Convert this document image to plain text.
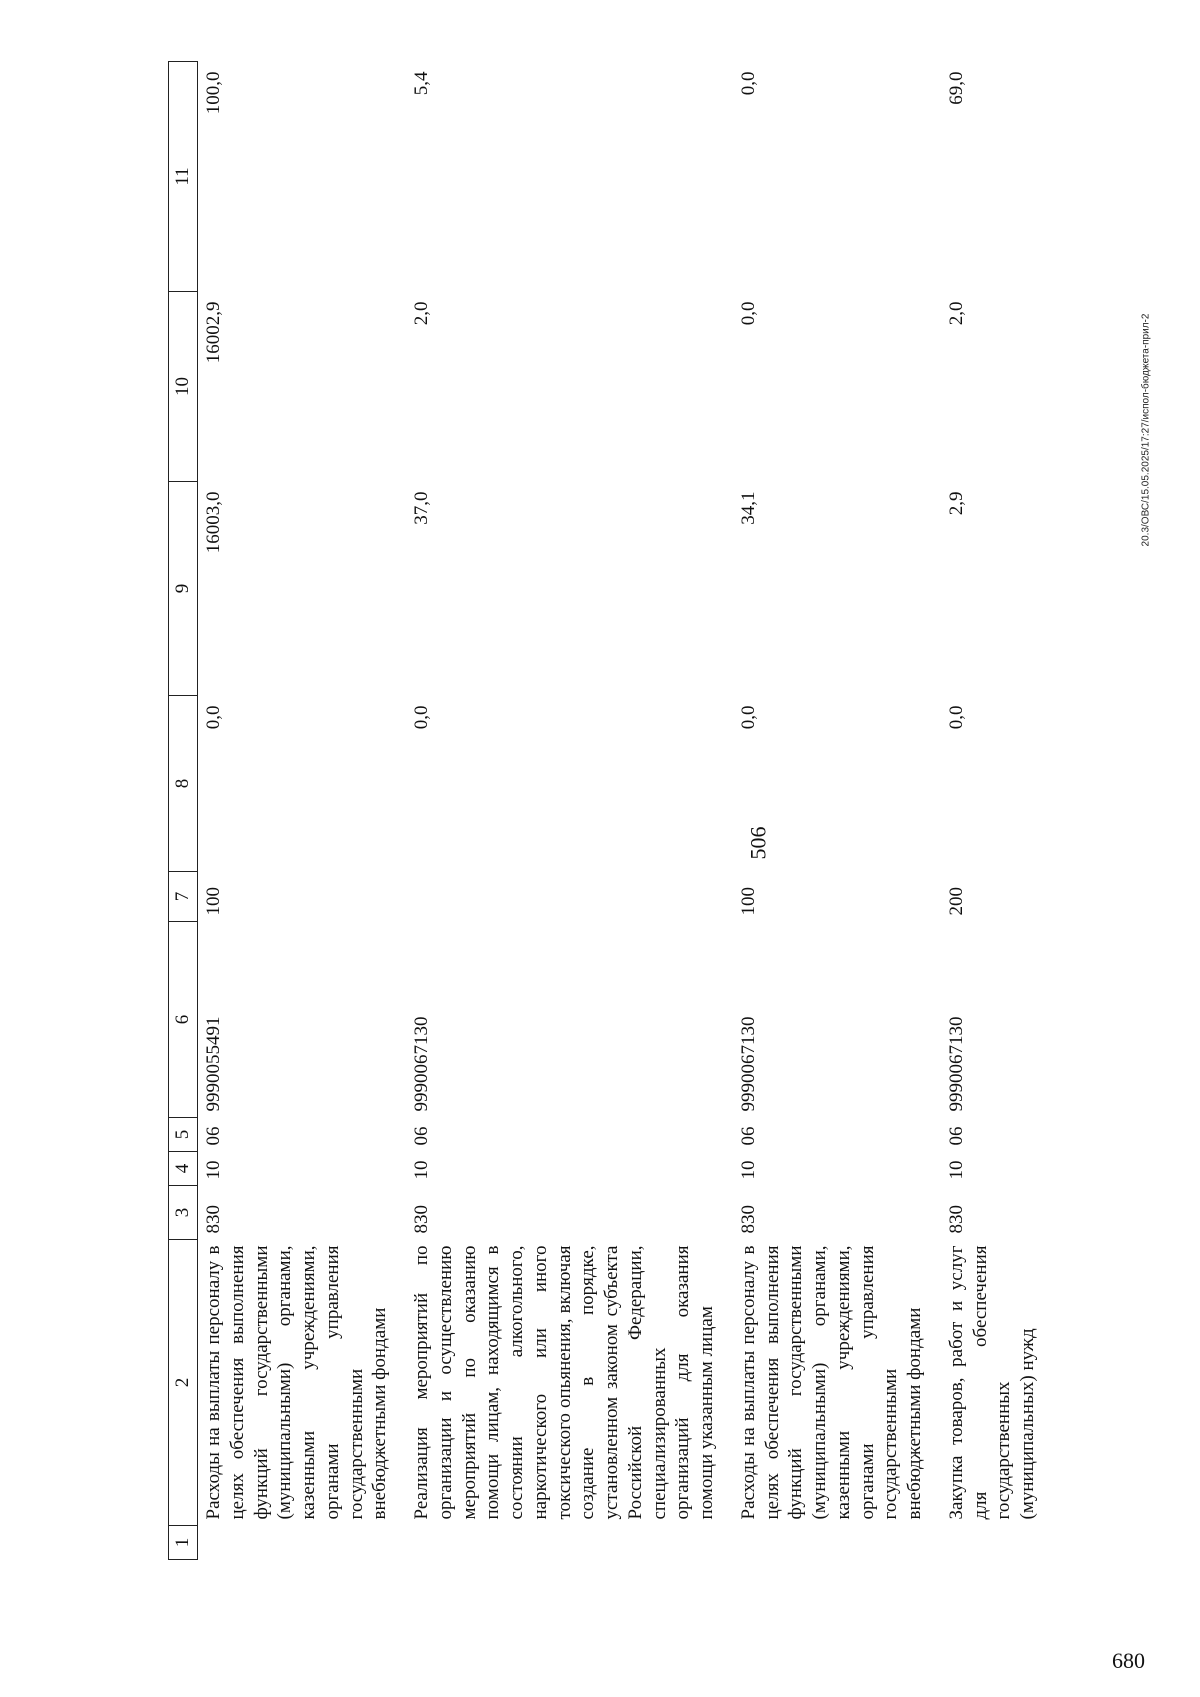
506
1	2	3	4	5	6	7	8	9	10	11
	Расходы на выплаты персоналу в целях обеспечения выполнения функций государственными (муниципальными) органами, казенными учреждениями, органами управления государственными внебюджетными фондами	830	10	06	9990055491	100	0,0	16003,0	16002,9	100,0
	Реализация мероприятий по организации и осуществлению мероприятий по оказанию помощи лицам, находящимся в состоянии алкогольного, наркотического или иного токсического опьянения, включая создание в порядке, установленном законом субъекта Российской Федерации, специализированных организаций для оказания помощи указанным лицам	830	10	06	9990067130		0,0	37,0	2,0	5,4
	Расходы на выплаты персоналу в целях обеспечения выполнения функций государственными (муниципальными) органами, казенными учреждениями, органами управления государственными внебюджетными фондами	830	10	06	9990067130	100	0,0	34,1	0,0	0,0
	Закупка товаров, работ и услуг для обеспечения государственных (муниципальных) нужд	830	10	06	9990067130	200	0,0	2,9	2,0	69,0
20.3/ОВС/15.05.2025/17:27/испол-бюджета-прил-2
680
